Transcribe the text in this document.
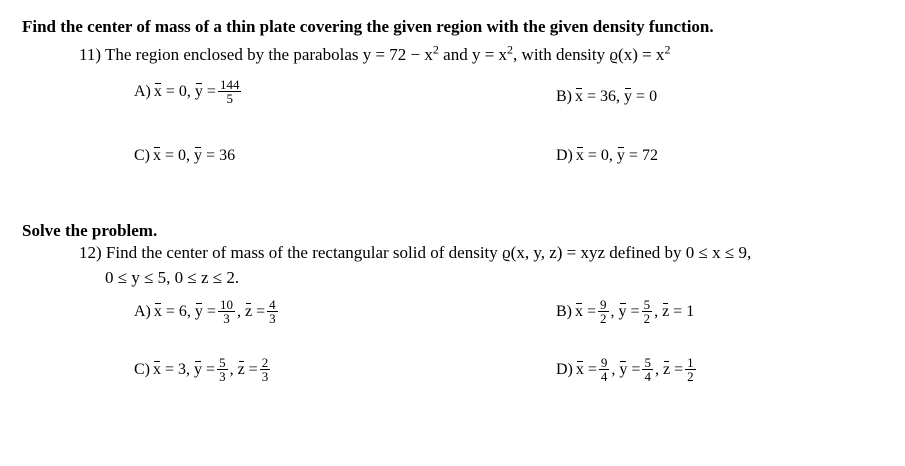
Find the center of mass of a thin plate covering the given region with the given density function.
11) The region enclosed by the parabolas $y = 72 - x^2$ and $y = x^2$, with density $ϱ(x) = x^2$
A) x = 0 , $y = \frac{144}{5}$	B) x = 36 , y = 0
C) x = 0 , y = 36	D) x = 0 , y = 72
Solve the problem.
12) Find the center of mass of the rectangular solid of density ϱ(x, y, z) = xyz defined by 0 ≤ x ≤ 9,
0 ≤ y ≤ 5, 0 ≤ z ≤ 2.
A) x = 6 , $y = \frac{10}{3}$ , $z = \frac{4}{3}$	B) $x = \frac{9}{2}$ , $y = \frac{5}{2}$ , z = 1
C) x = 3 , $y = \frac{5}{3}$ , $z = \frac{2}{3}$	D) $x = \frac{9}{4}$ , $y = \frac{5}{4}$ , $z = \frac{1}{2}$
